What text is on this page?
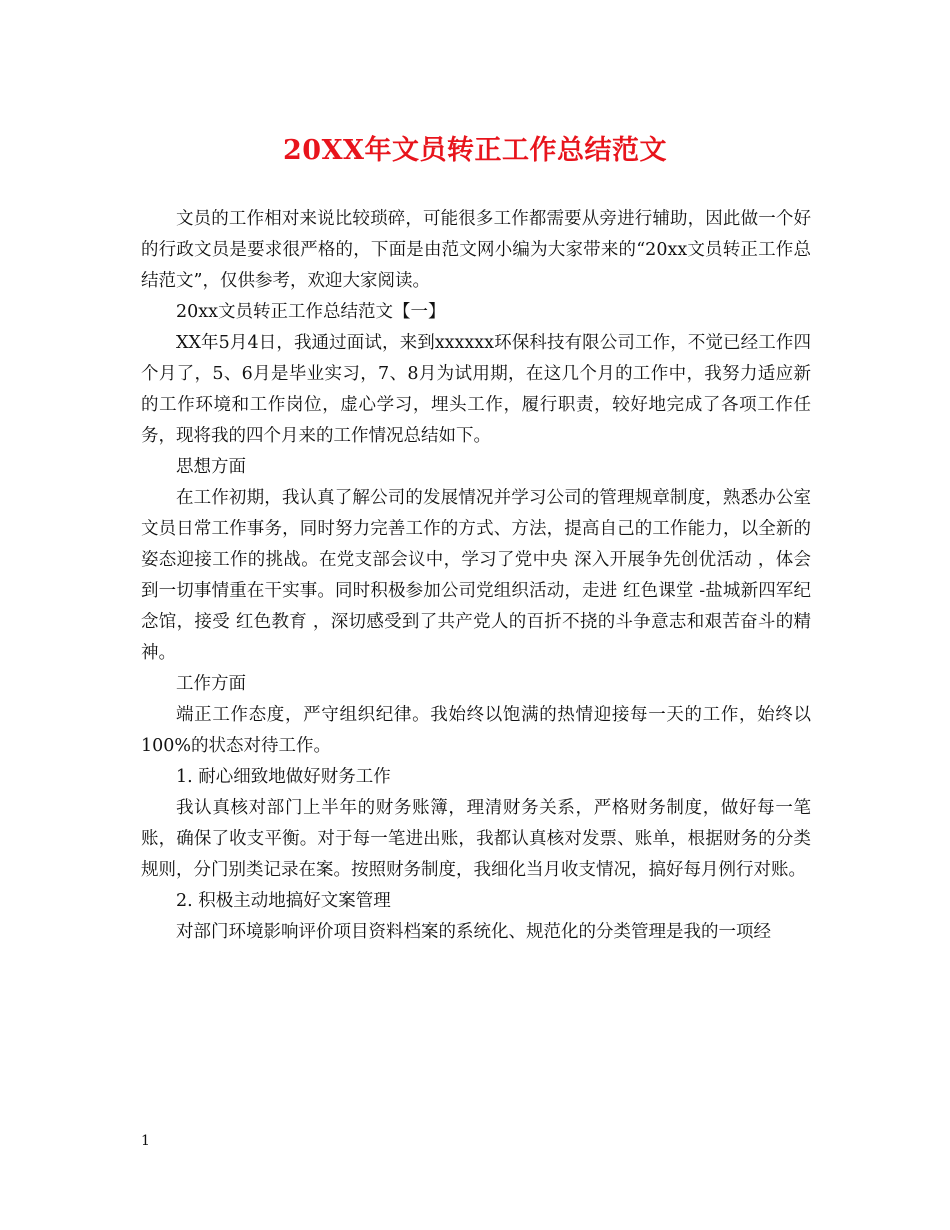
20XX年文员转正工作总结范文

文员的工作相对来说比较琐碎，可能很多工作都需要从旁进行辅助，因此做一个好的行政文员是要求很严格的，下面是由范文网小编为大家带来的“20xx文员转正工作总结范文”，仅供参考，欢迎大家阅读。

20xx文员转正工作总结范文【一】

XX年5月4日，我通过面试，来到xxxxxx环保科技有限公司工作，不觉已经工作四个月了，5、6月是毕业实习，7、8月为试用期，在这几个月的工作中，我努力适应新的工作环境和工作岗位，虚心学习，埋头工作，履行职责，较好地完成了各项工作任务，现将我的四个月来的工作情况总结如下。

思想方面

在工作初期，我认真了解公司的发展情况并学习公司的管理规章制度，熟悉办公室文员日常工作事务，同时努力完善工作的方式、方法，提高自己的工作能力，以全新的姿态迎接工作的挑战。在党支部会议中，学习了党中央 深入开展争先创优活动 ，体会到一切事情重在干实事。同时积极参加公司党组织活动，走进 红色课堂 -盐城新四军纪念馆，接受 红色教育 ，深切感受到了共产党人的百折不挠的斗争意志和艰苦奋斗的精神。

工作方面

端正工作态度，严守组织纪律。我始终以饱满的热情迎接每一天的工作，始终以100%的状态对待工作。

1. 耐心细致地做好财务工作

我认真核对部门上半年的财务账簿，理清财务关系，严格财务制度，做好每一笔账，确保了收支平衡。对于每一笔进出账，我都认真核对发票、账单，根据财务的分类规则，分门别类记录在案。按照财务制度，我细化当月收支情况，搞好每月例行对账。

2. 积极主动地搞好文案管理

对部门环境影响评价项目资料档案的系统化、规范化的分类管理是我的一项经

1
